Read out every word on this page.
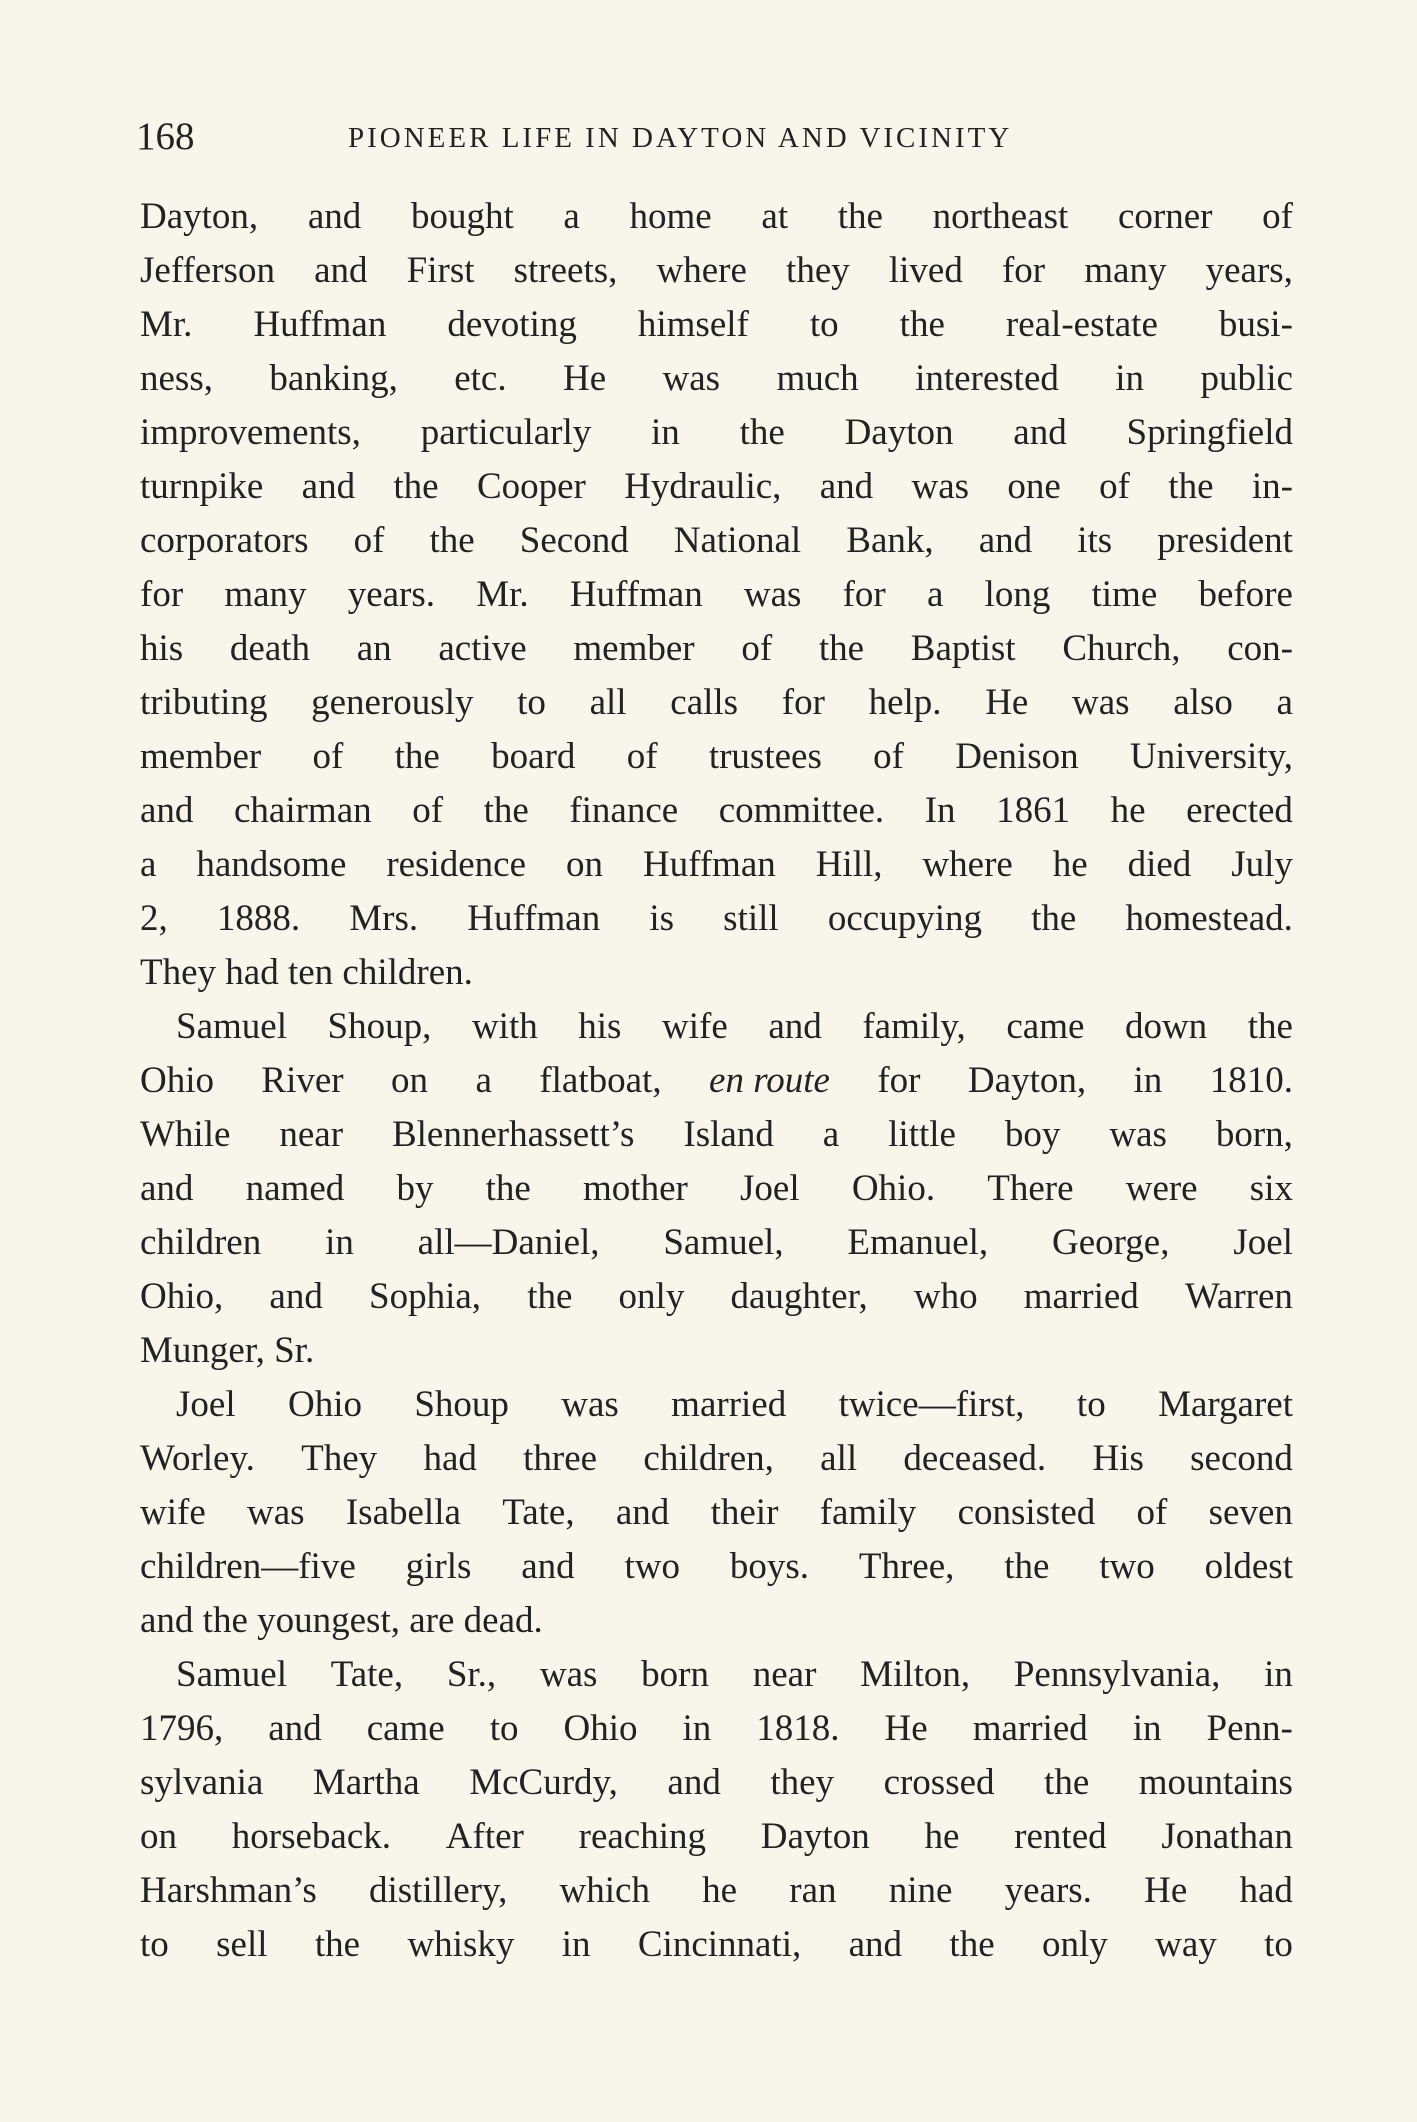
168	PIONEER LIFE IN DAYTON AND VICINITY
Dayton, and bought a home at the northeast corner of
Jefferson and First streets, where they lived for many years,
Mr. Huffman devoting himself to the real-estate busi-
ness, banking, etc. He was much interested in public
improvements, particularly in the Dayton and Springfield
turnpike and the Cooper Hydraulic, and was one of the in-
corporators of the Second National Bank, and its president
for many years. Mr. Huffman was for a long time before
his death an active member of the Baptist Church, con-
tributing generously to all calls for help. He was also a
member of the board of trustees of Denison University,
and chairman of the finance committee. In 1861 he erected
a handsome residence on Huffman Hill, where he died July
2, 1888. Mrs. Huffman is still occupying the homestead.
They had ten children.
Samuel Shoup, with his wife and family, came down the
Ohio River on a flatboat, en route for Dayton, in 1810.
While near Blennerhassett’s Island a little boy was born,
and named by the mother Joel Ohio. There were six
children in all—Daniel, Samuel, Emanuel, George, Joel
Ohio, and Sophia, the only daughter, who married Warren
Munger, Sr.
Joel Ohio Shoup was married twice—first, to Margaret
Worley. They had three children, all deceased. His second
wife was Isabella Tate, and their family consisted of seven
children—five girls and two boys. Three, the two oldest
and the youngest, are dead.
Samuel Tate, Sr., was born near Milton, Pennsylvania, in
1796, and came to Ohio in 1818. He married in Penn-
sylvania Martha McCurdy, and they crossed the mountains
on horseback. After reaching Dayton he rented Jonathan
Harshman’s distillery, which he ran nine years. He had
to sell the whisky in Cincinnati, and the only way to
